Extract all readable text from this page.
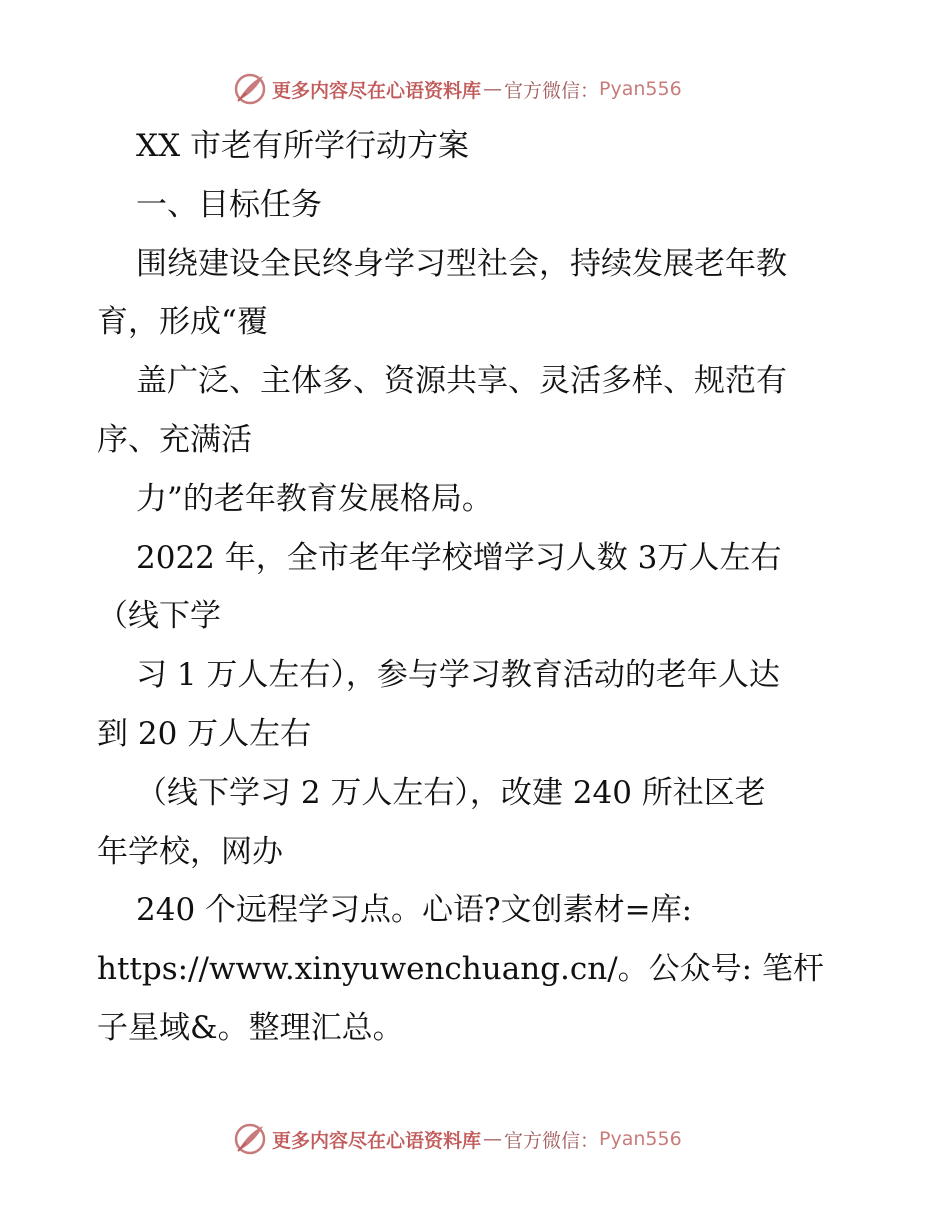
更多内容尽在心语资料库 — 官方微信： Pyan556
XX 市老有所学行动方案
一、目标任务
围绕建设全民终身学习型社会，持续发展老年教
育，形成“覆
盖广泛、主体多、资源共享、灵活多样、规范有
序、充满活
力”的老年教育发展格局。
2022 年，全市老年学校增学习人数 3万人左右
（线下学
习 1 万人左右），参与学习教育活动的老年人达
到 20 万人左右
（线下学习 2 万人左右），改建 240 所社区老
年学校，网办
240 个远程学习点。心语?文创素材=库:
https://www.xinyuwenchuang.cn/。公众号: 笔杆
子星域&。整理汇总。
更多内容尽在心语资料库 — 官方微信： Pyan556
